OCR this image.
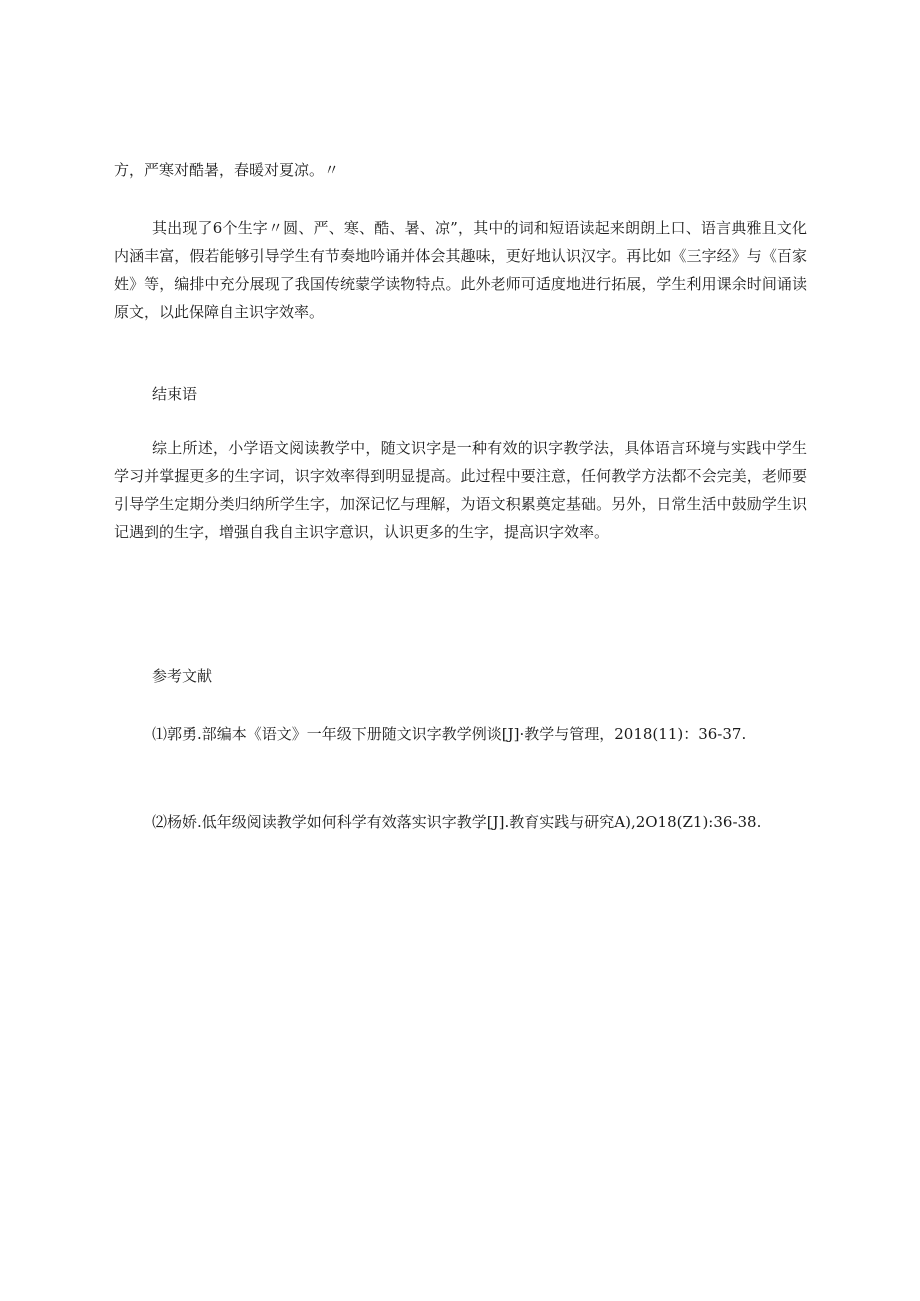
方，严寒对酷暑，春暖对夏凉。〃

其出现了6个生字〃圆、严、寒、酷、暑、凉”，其中的词和短语读起来朗朗上口、语言典雅且文化内涵丰富，假若能够引导学生有节奏地吟诵并体会其趣味，更好地认识汉字。再比如《三字经》与《百家姓》等，编排中充分展现了我国传统蒙学读物特点。此外老师可适度地进行拓展，学生利用课余时间诵读原文，以此保障自主识字效率。

结束语

综上所述，小学语文阅读教学中，随文识字是一种有效的识字教学法，具体语言环境与实践中学生学习并掌握更多的生字词，识字效率得到明显提高。此过程中要注意，任何教学方法都不会完美，老师要引导学生定期分类归纳所学生字，加深记忆与理解，为语文积累奠定基础。另外，日常生活中鼓励学生识记遇到的生字，增强自我自主识字意识，认识更多的生字，提高识字效率。

参考文献

⑴郭勇.部编本《语文》一年级下册随文识字教学例谈[J]·教学与管理，2018(11)：36-37.

⑵杨娇.低年级阅读教学如何科学有效落实识字教学[J].教育实践与研究A),2O18(Z1):36-38.
